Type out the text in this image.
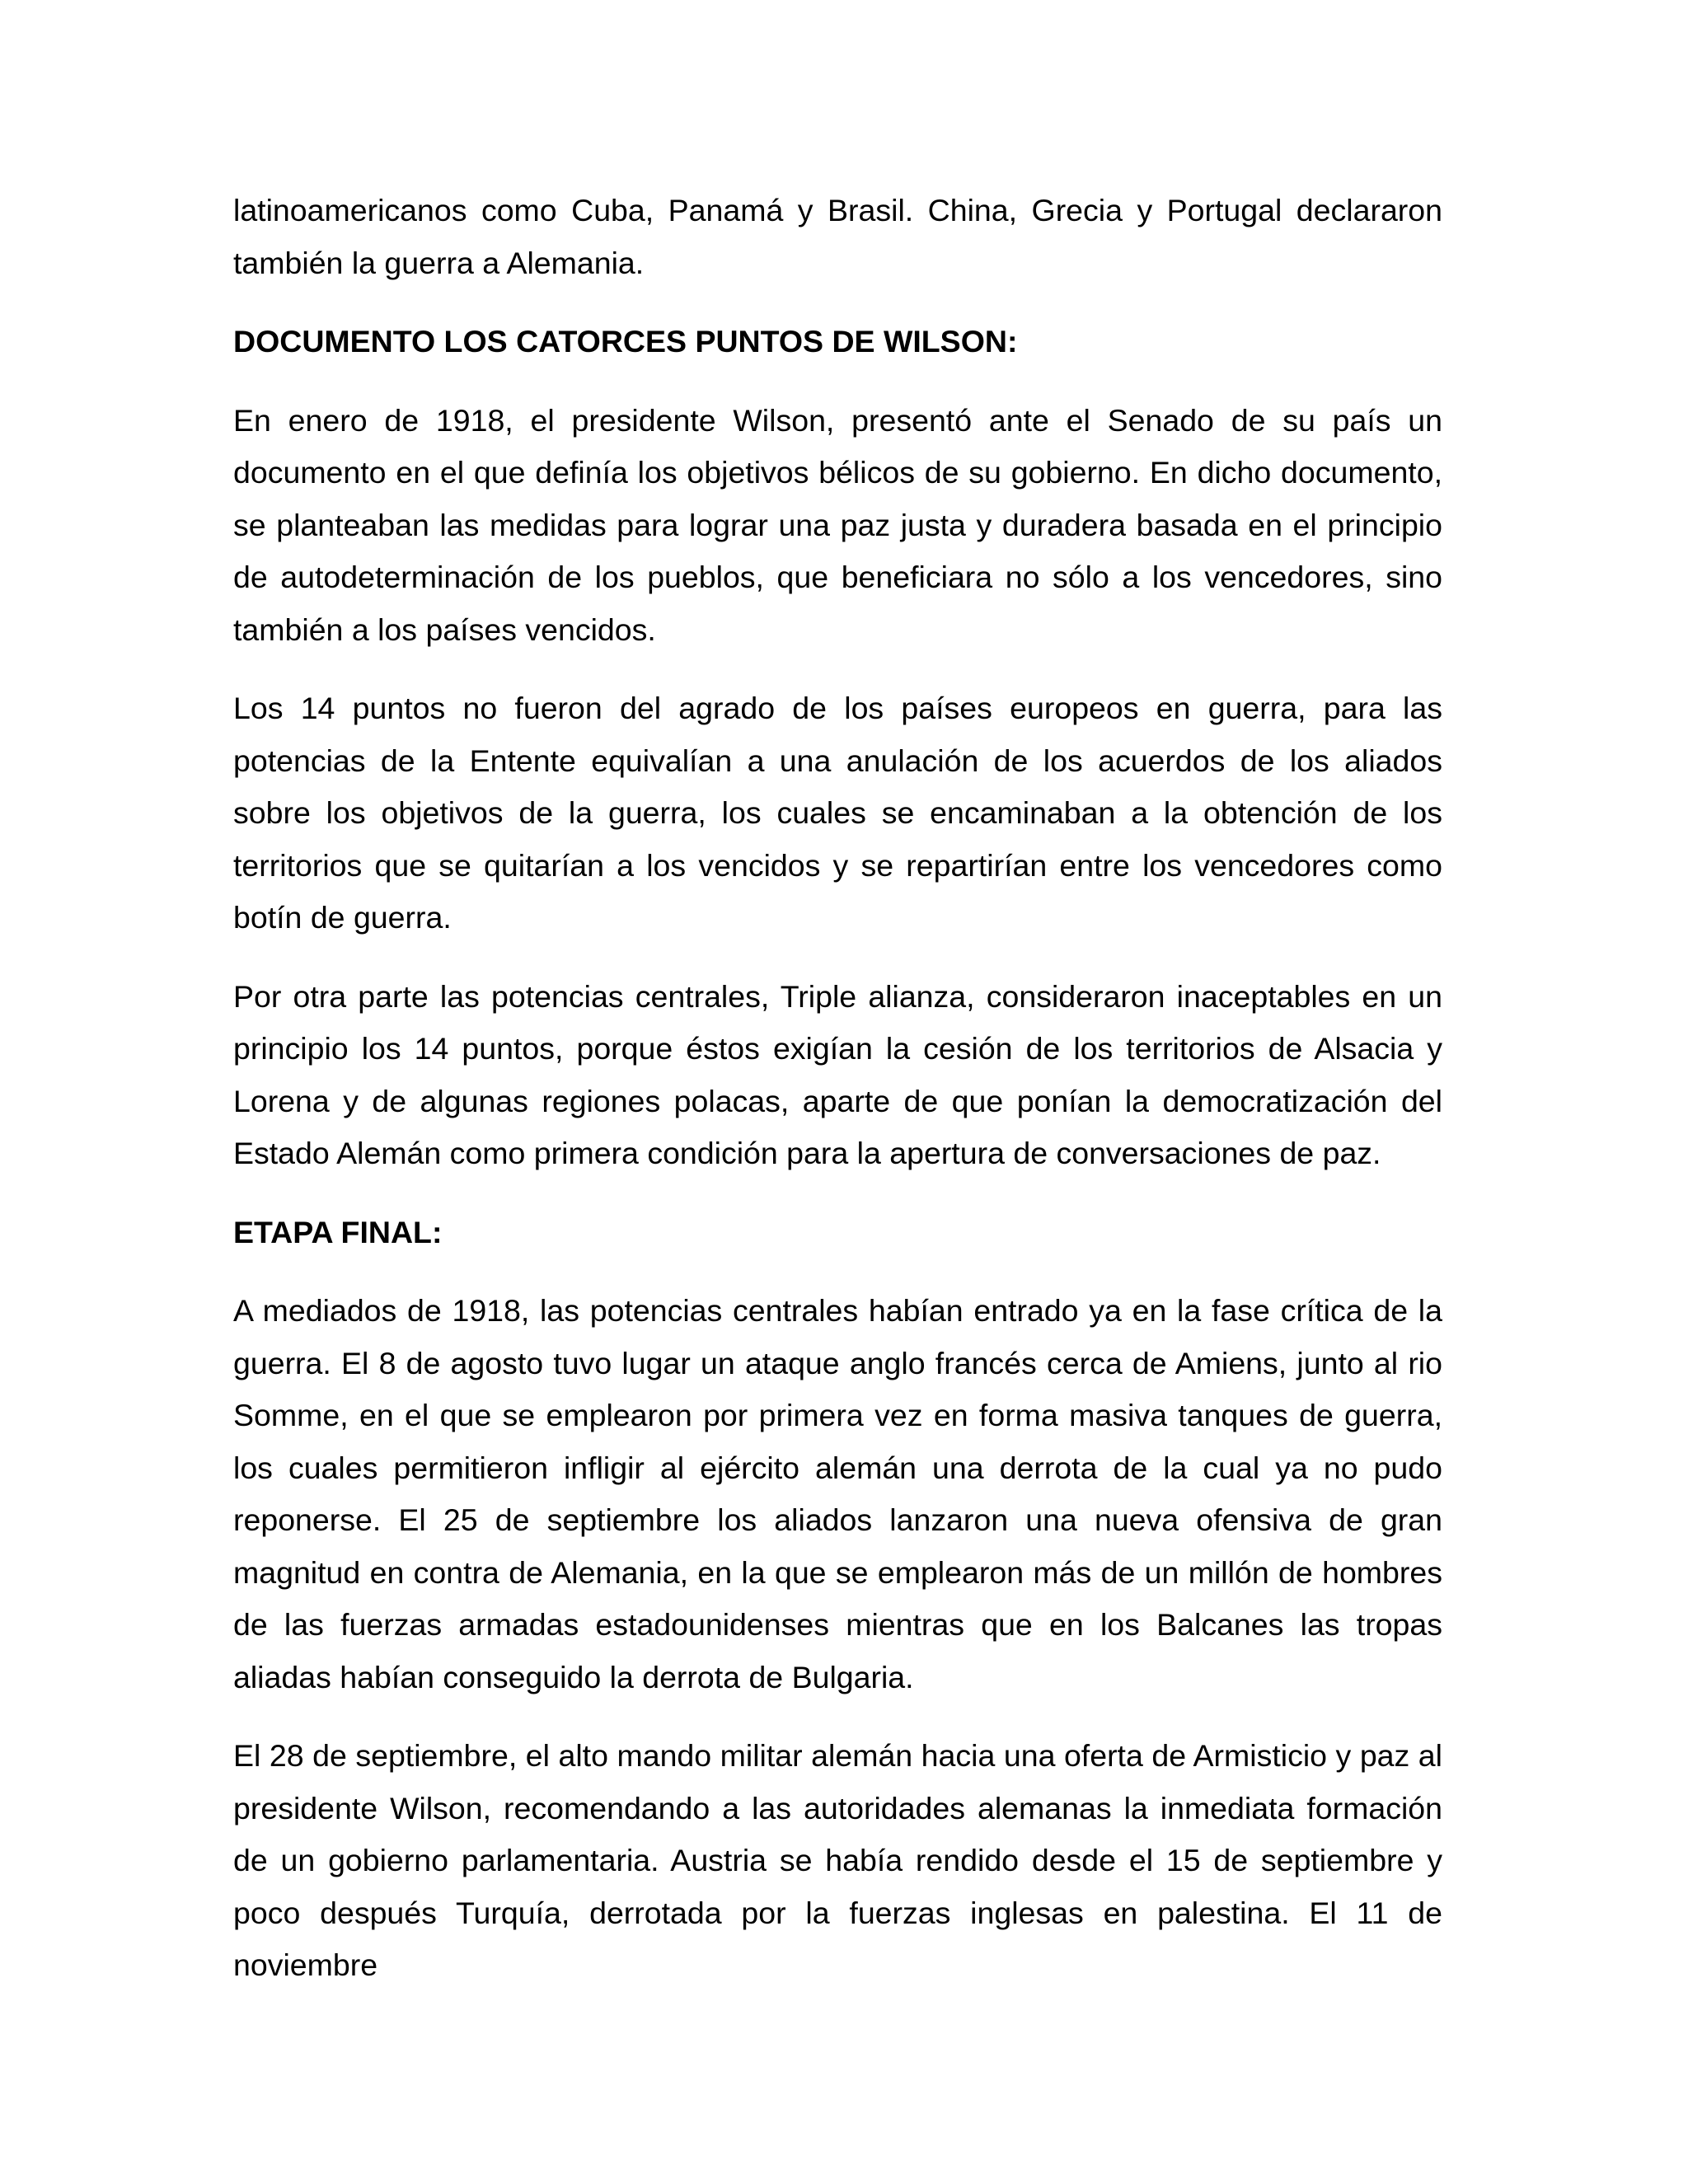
latinoamericanos como Cuba, Panamá y Brasil. China, Grecia y Portugal declararon también la guerra a Alemania.

DOCUMENTO LOS CATORCES PUNTOS DE WILSON:

En enero de 1918, el presidente Wilson, presentó ante el Senado de su país un documento en el que definía los objetivos bélicos de su gobierno. En dicho documento, se planteaban las medidas para lograr una paz justa y duradera basada en el principio de autodeterminación de los pueblos, que beneficiara no sólo a los vencedores, sino también a los países vencidos.

Los 14 puntos no fueron del agrado de los países europeos en guerra, para las potencias de la Entente equivalían a una anulación de los acuerdos de los aliados sobre los objetivos de la guerra, los cuales se encaminaban a la obtención de los territorios que se quitarían a los vencidos y se repartirían entre los vencedores como botín de guerra.

Por otra parte las potencias centrales, Triple alianza, consideraron inaceptables en un principio los 14 puntos, porque éstos exigían la cesión de los territorios de Alsacia y Lorena y de algunas regiones polacas, aparte de que ponían la democratización del Estado Alemán como primera condición para la apertura de conversaciones de paz.

ETAPA FINAL:

A mediados de 1918, las potencias centrales habían entrado ya en la fase crítica de la guerra. El 8 de agosto tuvo lugar un ataque anglo francés cerca de Amiens, junto al rio Somme, en el que se emplearon por primera vez en forma masiva tanques de guerra, los cuales permitieron infligir al ejército alemán una derrota de la cual ya no pudo reponerse. El 25 de septiembre los aliados lanzaron una nueva ofensiva de gran magnitud en contra de Alemania, en la que se emplearon más de un millón de hombres de las fuerzas armadas estadounidenses mientras que en los Balcanes las tropas aliadas habían conseguido la derrota de Bulgaria.

El 28 de septiembre, el alto mando militar alemán hacia una oferta de Armisticio y paz al presidente Wilson, recomendando a las autoridades alemanas la inmediata formación de un gobierno parlamentaria. Austria se había rendido desde el 15 de septiembre y poco después Turquía, derrotada por la fuerzas inglesas en palestina. El 11 de noviembre
